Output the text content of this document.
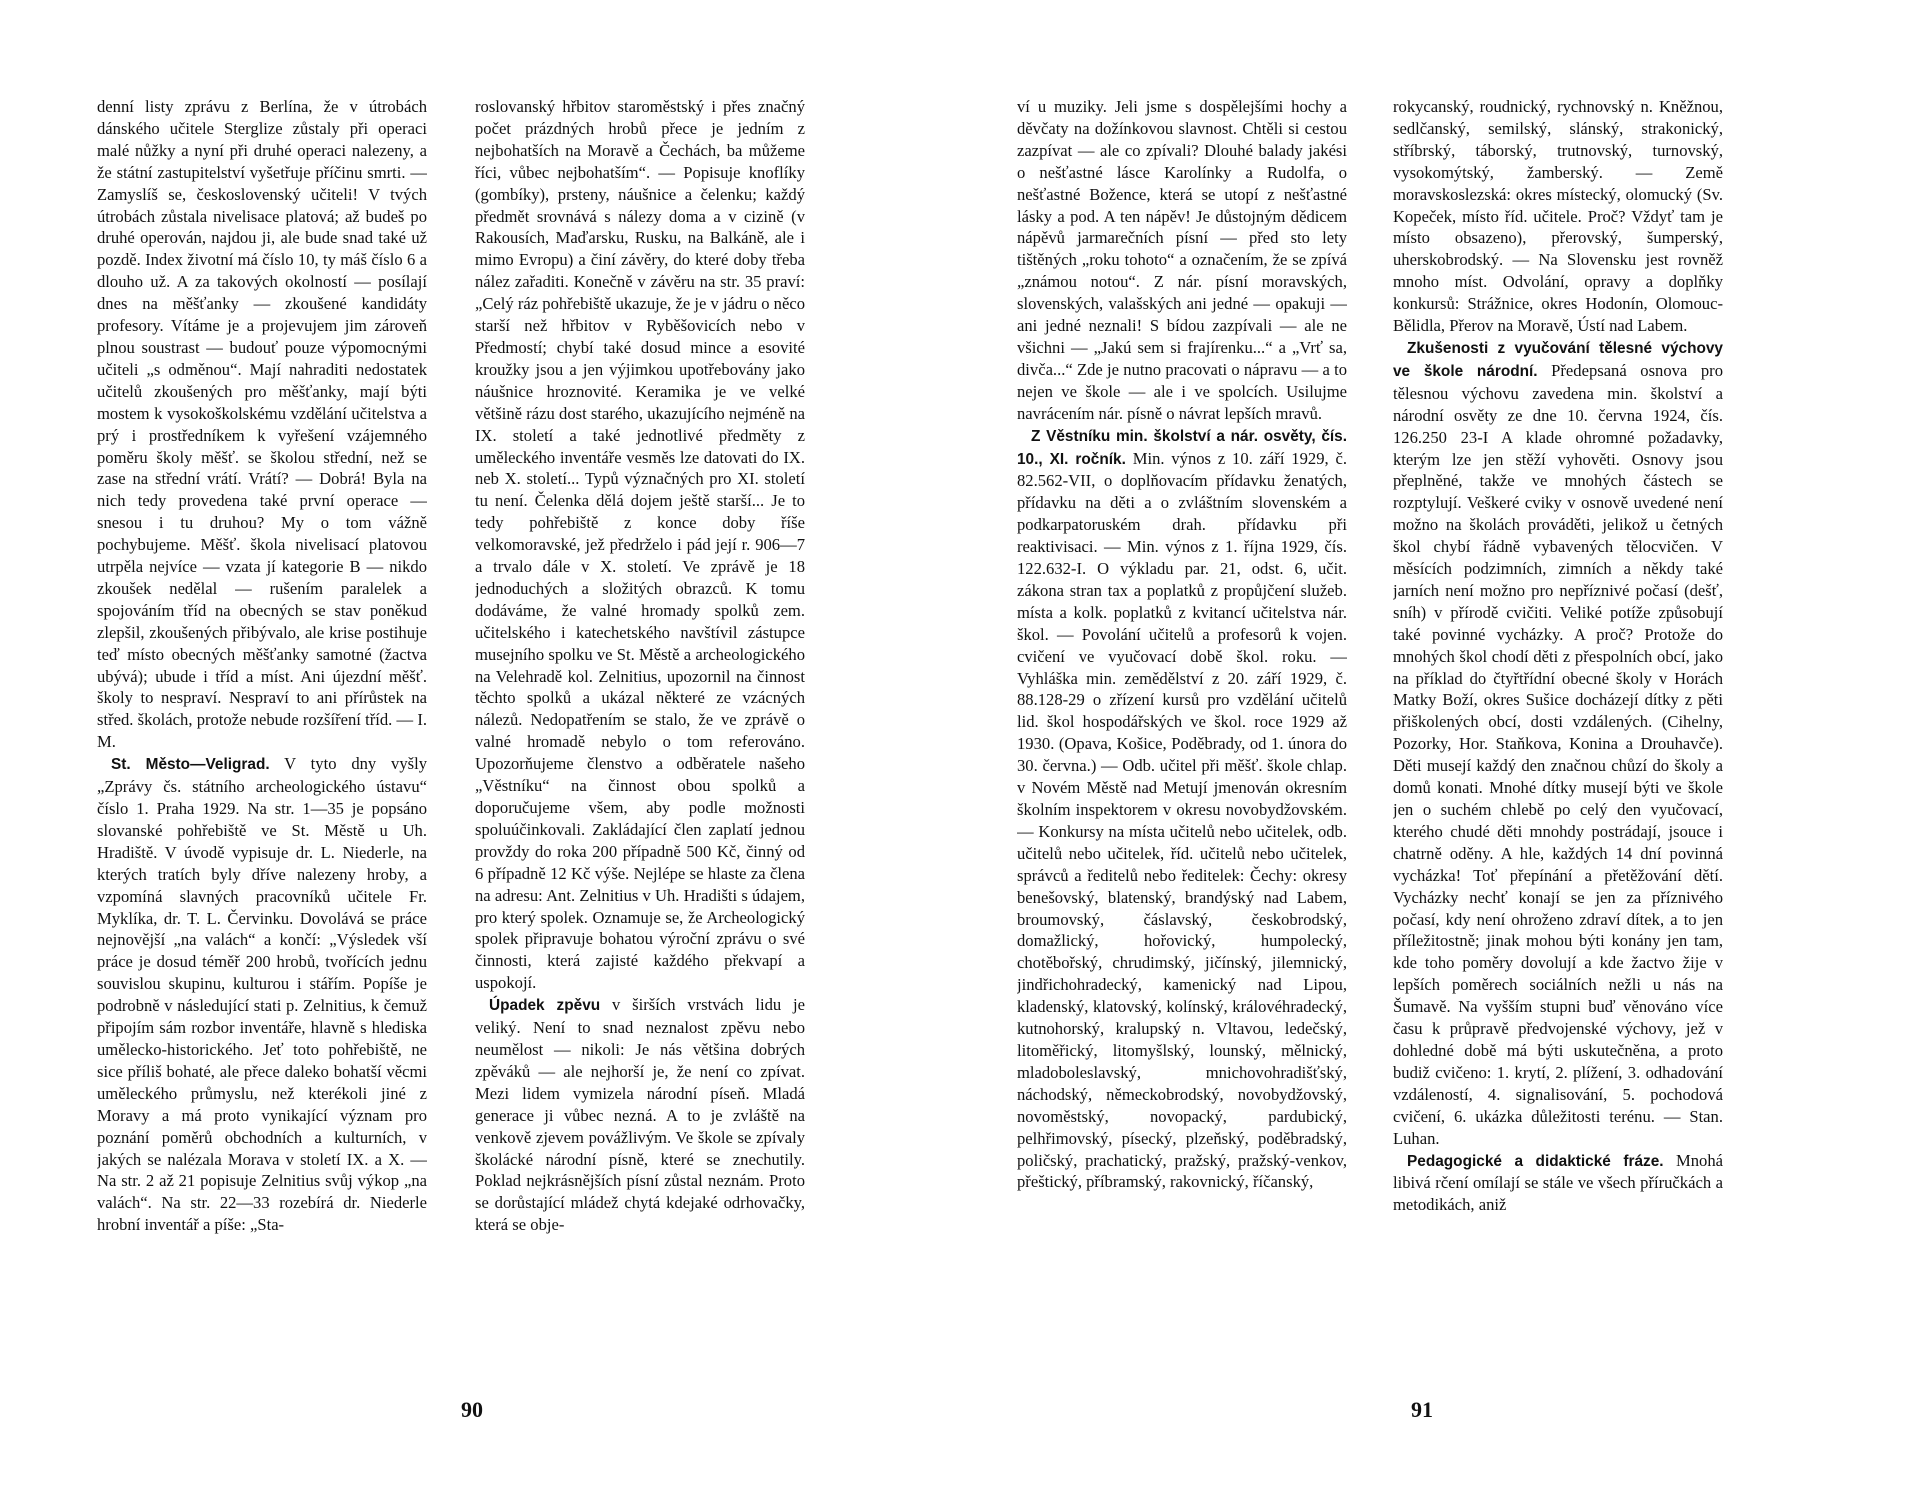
denní listy zprávu z Berlína, že v útrobách dánského učitele Sterglize zůstaly při operaci malé nůžky a nyní při druhé operaci nalezeny, a že státní zastupitelství vyšetřuje příčinu smrti. — Zamyslíš se, československý učiteli! V tvých útrobách zůstala nivelisace platová; až budeš po druhé operován, najdou ji, ale bude snad také už pozdě. Index životní má číslo 10, ty máš číslo 6 a dlouho už. A za takových okolností — posílají dnes na měšťanky — zkoušené kandidáty profesory. Vítáme je a projevujem jim zároveň plnou soustrast — budouť pouze výpomocnými učiteli „s odměnou“. Mají nahraditi nedostatek učitelů zkoušených pro měšťanky, mají býti mostem k vysokoškolskému vzdělání učitelstva a prý i prostředníkem k vyřešení vzájemného poměru školy měšť. se školou střední, než se zase na střední vrátí. Vrátí? — Dobrá! Byla na nich tedy provedena také první operace — snesou i tu druhou? My o tom vážně pochybujeme. Měšť. škola nivelisací platovou utrpěla nejvíce — vzata jí kategorie B — nikdo zkoušek nedělal — rušením paralelek a spojováním tříd na obecných se stav poněkud zlepšil, zkoušených přibývalo, ale krise postihuje teď místo obecných měšťanky samotné (žactva ubývá); ubude i tříd a míst. Ani újezdní měšť. školy to nespraví. Nespraví to ani přírůstek na střed. školách, protože nebude rozšíření tříd. — I. M.

St. Město—Veligrad. V tyto dny vyšly „Zprávy čs. státního archeologického ústavu“ číslo 1. Praha 1929. Na str. 1—35 je popsáno slovanské pohřebiště ve St. Městě u Uh. Hradiště. V úvodě vypisuje dr. L. Niederle, na kterých tratích byly dříve nalezeny hroby, a vzpomíná slavných pracovníků učitele Fr. Myklíka, dr. T. L. Červinku. Dovolává se práce nejnovější „na valách“ a končí: „Výsledek vší práce je dosud téměř 200 hrobů, tvořících jednu souvislou skupinu, kulturou i stářím. Popíše je podrobně v následující stati p. Zelnitius, k čemuž připojím sám rozbor inventáře, hlavně s hlediska umělecko-historického. Jeť toto pohřebiště, ne sice příliš bohaté, ale přece daleko bohatší věcmi uměleckého průmyslu, než kterékoli jiné z Moravy a má proto vynikající význam pro poznání poměrů obchodních a kulturních, v jakých se nalézala Morava v století IX. a X. — Na str. 2 až 21 popisuje Zelnitius svůj výkop „na valách“. Na str. 22—33 rozebírá dr. Niederle hrobní inventář a píše: „Sta-

roslovanský hřbitov staroměstský i přes značný počet prázdných hrobů přece je jedním z nejbohatších na Moravě a Čechách, ba můžeme říci, vůbec nejbohatším“. — Popisuje knoflíky (gombíky), prsteny, náušnice a čelenku; každý předmět srovnává s nálezy doma a v cizině (v Rakousích, Maďarsku, Rusku, na Balkáně, ale i mimo Evropu) a činí závěry, do které doby třeba nález zařaditi. Konečně v závěru na str. 35 praví: „Celý ráz pohřebiště ukazuje, že je v jádru o něco starší než hřbitov v Ryběšovicích nebo v Předmostí; chybí také dosud mince a esovité kroužky jsou a jen výjimkou upotřebovány jako náušnice hroznovité. Keramika je ve velké většině rázu dost starého, ukazujícího nejméně na IX. století a také jednotlivé předměty z uměleckého inventáře vesměs lze datovati do IX. neb X. století... Typů význačných pro XI. století tu není. Čelenka dělá dojem ještě starší... Je to tedy pohřebiště z konce doby říše velkomoravské, jež předrželo i pád její r. 906—7 a trvalo dále v X. století. Ve zprávě je 18 jednoduchých a složitých obrazců. K tomu dodáváme, že valné hromady spolků zem. učitelského i katechetského navštívil zástupce musejního spolku ve St. Městě a archeologického na Velehradě kol. Zelnitius, upozornil na činnost těchto spolků a ukázal některé ze vzácných nálezů. Nedopatřením se stalo, že ve zprávě o valné hromadě nebylo o tom referováno. Upozorňujeme členstvo a odběratele našeho „Věstníku“ na činnost obou spolků a doporučujeme všem, aby podle možnosti spoluúčinkovali. Zakládající člen zaplatí jednou provždy do roka 200 případně 500 Kč, činný od 6 případně 12 Kč výše. Nejlépe se hlaste za člena na adresu: Ant. Zelnitius v Uh. Hradišti s údajem, pro který spolek. Oznamuje se, že Archeologický spolek připravuje bohatou výroční zprávu o své činnosti, která zajisté každého překvapí a uspokojí.

Úpadek zpěvu v širších vrstvách lidu je veliký. Není to snad neznalost zpěvu nebo neumělost — nikoli: Je nás většina dobrých zpěváků — ale nejhorší je, že není co zpívat. Mezi lidem vymizela národní píseň. Mladá generace ji vůbec nezná. A to je zvláště na venkově zjevem povážlivým. Ve škole se zpívaly školácké národní písně, které se znechutily. Poklad nejkrásnějších písní zůstal neznám. Proto se dorůstající mládež chytá kdejaké odrhovačky, která se obje-

90

ví u muziky. Jeli jsme s dospělejšími hochy a děvčaty na dožínkovou slavnost. Chtěli si cestou zazpívat — ale co zpívali? Dlouhé balady jakési o nešťastné lásce Karolínky a Rudolfa, o nešťastné Božence, která se utopí z nešťastné lásky a pod. A ten nápěv! Je důstojným dědicem nápěvů jarmarečních písní — před sto lety tištěných „roku tohoto“ a označením, že se zpívá „známou notou“. Z nár. písní moravských, slovenských, valašských ani jedné — opakuji — ani jedné neznali! S bídou zazpívali — ale ne všichni — „Jakú sem si frajírenku...“ a „Vrť sa, divča...“ Zde je nutno pracovati o nápravu — a to nejen ve škole — ale i ve spolcích. Usilujme navrácením nár. písně o návrat lepších mravů.

Z Věstníku min. školství a nár. osvěty, čís. 10., XI. ročník. Min. výnos z 10. září 1929, č. 82.562-VII, o doplňovacím přídavku ženatých, přídavku na děti a o zvláštním slovenském a podkarpatoruském drah. přídavku při reaktivisaci. — Min. výnos z 1. října 1929, čís. 122.632-I. O výkladu par. 21, odst. 6, učit. zákona stran tax a poplatků z propůjčení služeb. místa a kolk. poplatků z kvitancí učitelstva nár. škol. — Povolání učitelů a profesorů k vojen. cvičení ve vyučovací době škol. roku. — Vyhláška min. zemědělství z 20. září 1929, č. 88.128-29 o zřízení kursů pro vzdělání učitelů lid. škol hospodářských ve škol. roce 1929 až 1930. (Opava, Košice, Poděbrady, od 1. února do 30. června.) — Odb. učitel při měšť. škole chlap. v Novém Městě nad Metují jmenován okresním školním inspektorem v okresu novobydžovském. — Konkursy na místa učitelů nebo učitelek, odb. učitelů nebo učitelek, říd. učitelů nebo učitelek, správců a ředitelů nebo ředitelek: Čechy: okresy benešovský, blatenský, brandýský nad Labem, broumovský, čáslavský, českobrodský, domažlický, hořovický, humpolecký, chotěbořský, chrudimský, jičínský, jilemnický, jindřichohradecký, kamenický nad Lipou, kladenský, klatovský, kolínský, královéhradecký, kutnohorský, kralupský n. Vltavou, ledečský, litoměřický, litomyšlský, lounský, mělnický, mladoboleslavský, mnichovohradišťský, náchodský, německobrodský, novobydžovský, novoměstský, novopacký, pardubický, pelhřimovský, písecký, plzeňský, poděbradský, poličský, prachatický, pražský, pražský-venkov, přeštický, příbramský, rakovnický, říčanský,

rokycanský, roudnický, rychnovský n. Kněžnou, sedlčanský, semilský, slánský, strakonický, stříbrský, táborský, trutnovský, turnovský, vysokomýtský, žamberský. — Země moravskoslezská: okres místecký, olomucký (Sv. Kopeček, místo říd. učitele. Proč? Vždyť tam je místo obsazeno), přerovský, šumperský, uherskobrodský. — Na Slovensku jest rovněž mnoho míst. Odvolání, opravy a doplňky konkursů: Strážnice, okres Hodonín, Olomouc-Bělidla, Přerov na Moravě, Ústí nad Labem.

Zkušenosti z vyučování tělesné výchovy ve škole národní. Předepsaná osnova pro tělesnou výchovu zavedena min. školství a národní osvěty ze dne 10. června 1924, čís. 126.250 23-I A klade ohromné požadavky, kterým lze jen stěží vyhověti. Osnovy jsou přeplněné, takže ve mnohých částech se rozptylují. Veškeré cviky v osnově uvedené není možno na školách prováděti, jelikož u četných škol chybí řádně vybavených tělocvičen. V měsících podzimních, zimních a někdy také jarních není možno pro nepříznivé počasí (dešť, sníh) v přírodě cvičiti. Veliké potíže způsobují také povinné vycházky. A proč? Protože do mnohých škol chodí děti z přespolních obcí, jako na příklad do čtyřtřídní obecné školy v Horách Matky Boží, okres Sušice docházejí dítky z pěti přiškolených obcí, dosti vzdálených. (Cihelny, Pozorky, Hor. Staňkova, Konina a Drouhavče). Děti musejí každý den značnou chůzí do školy a domů konati. Mnohé dítky musejí býti ve škole jen o suchém chlebě po celý den vyučovací, kterého chudé děti mnohdy postrádají, jsouce i chatrně oděny. A hle, každých 14 dní povinná vycházka! Toť přepínání a přetěžování dětí. Vycházky nechť konají se jen za příznivého počasí, kdy není ohroženo zdraví dítek, a to jen příležitostně; jinak mohou býti konány jen tam, kde toho poměry dovolují a kde žactvo žije v lepších poměrech sociálních nežli u nás na Šumavě. Na vyšším stupni buď věnováno více času k průpravě předvojenské výchovy, jež v dohledné době má býti uskutečněna, a proto budiž cvičeno: 1. krytí, 2. plížení, 3. odhadování vzdáleností, 4. signalisování, 5. pochodová cvičení, 6. ukázka důležitosti terénu. — Stan. Luhan.

Pedagogické a didaktické fráze. Mnohá libivá rčení omílají se stále ve všech příručkách a metodikách, aniž

91
